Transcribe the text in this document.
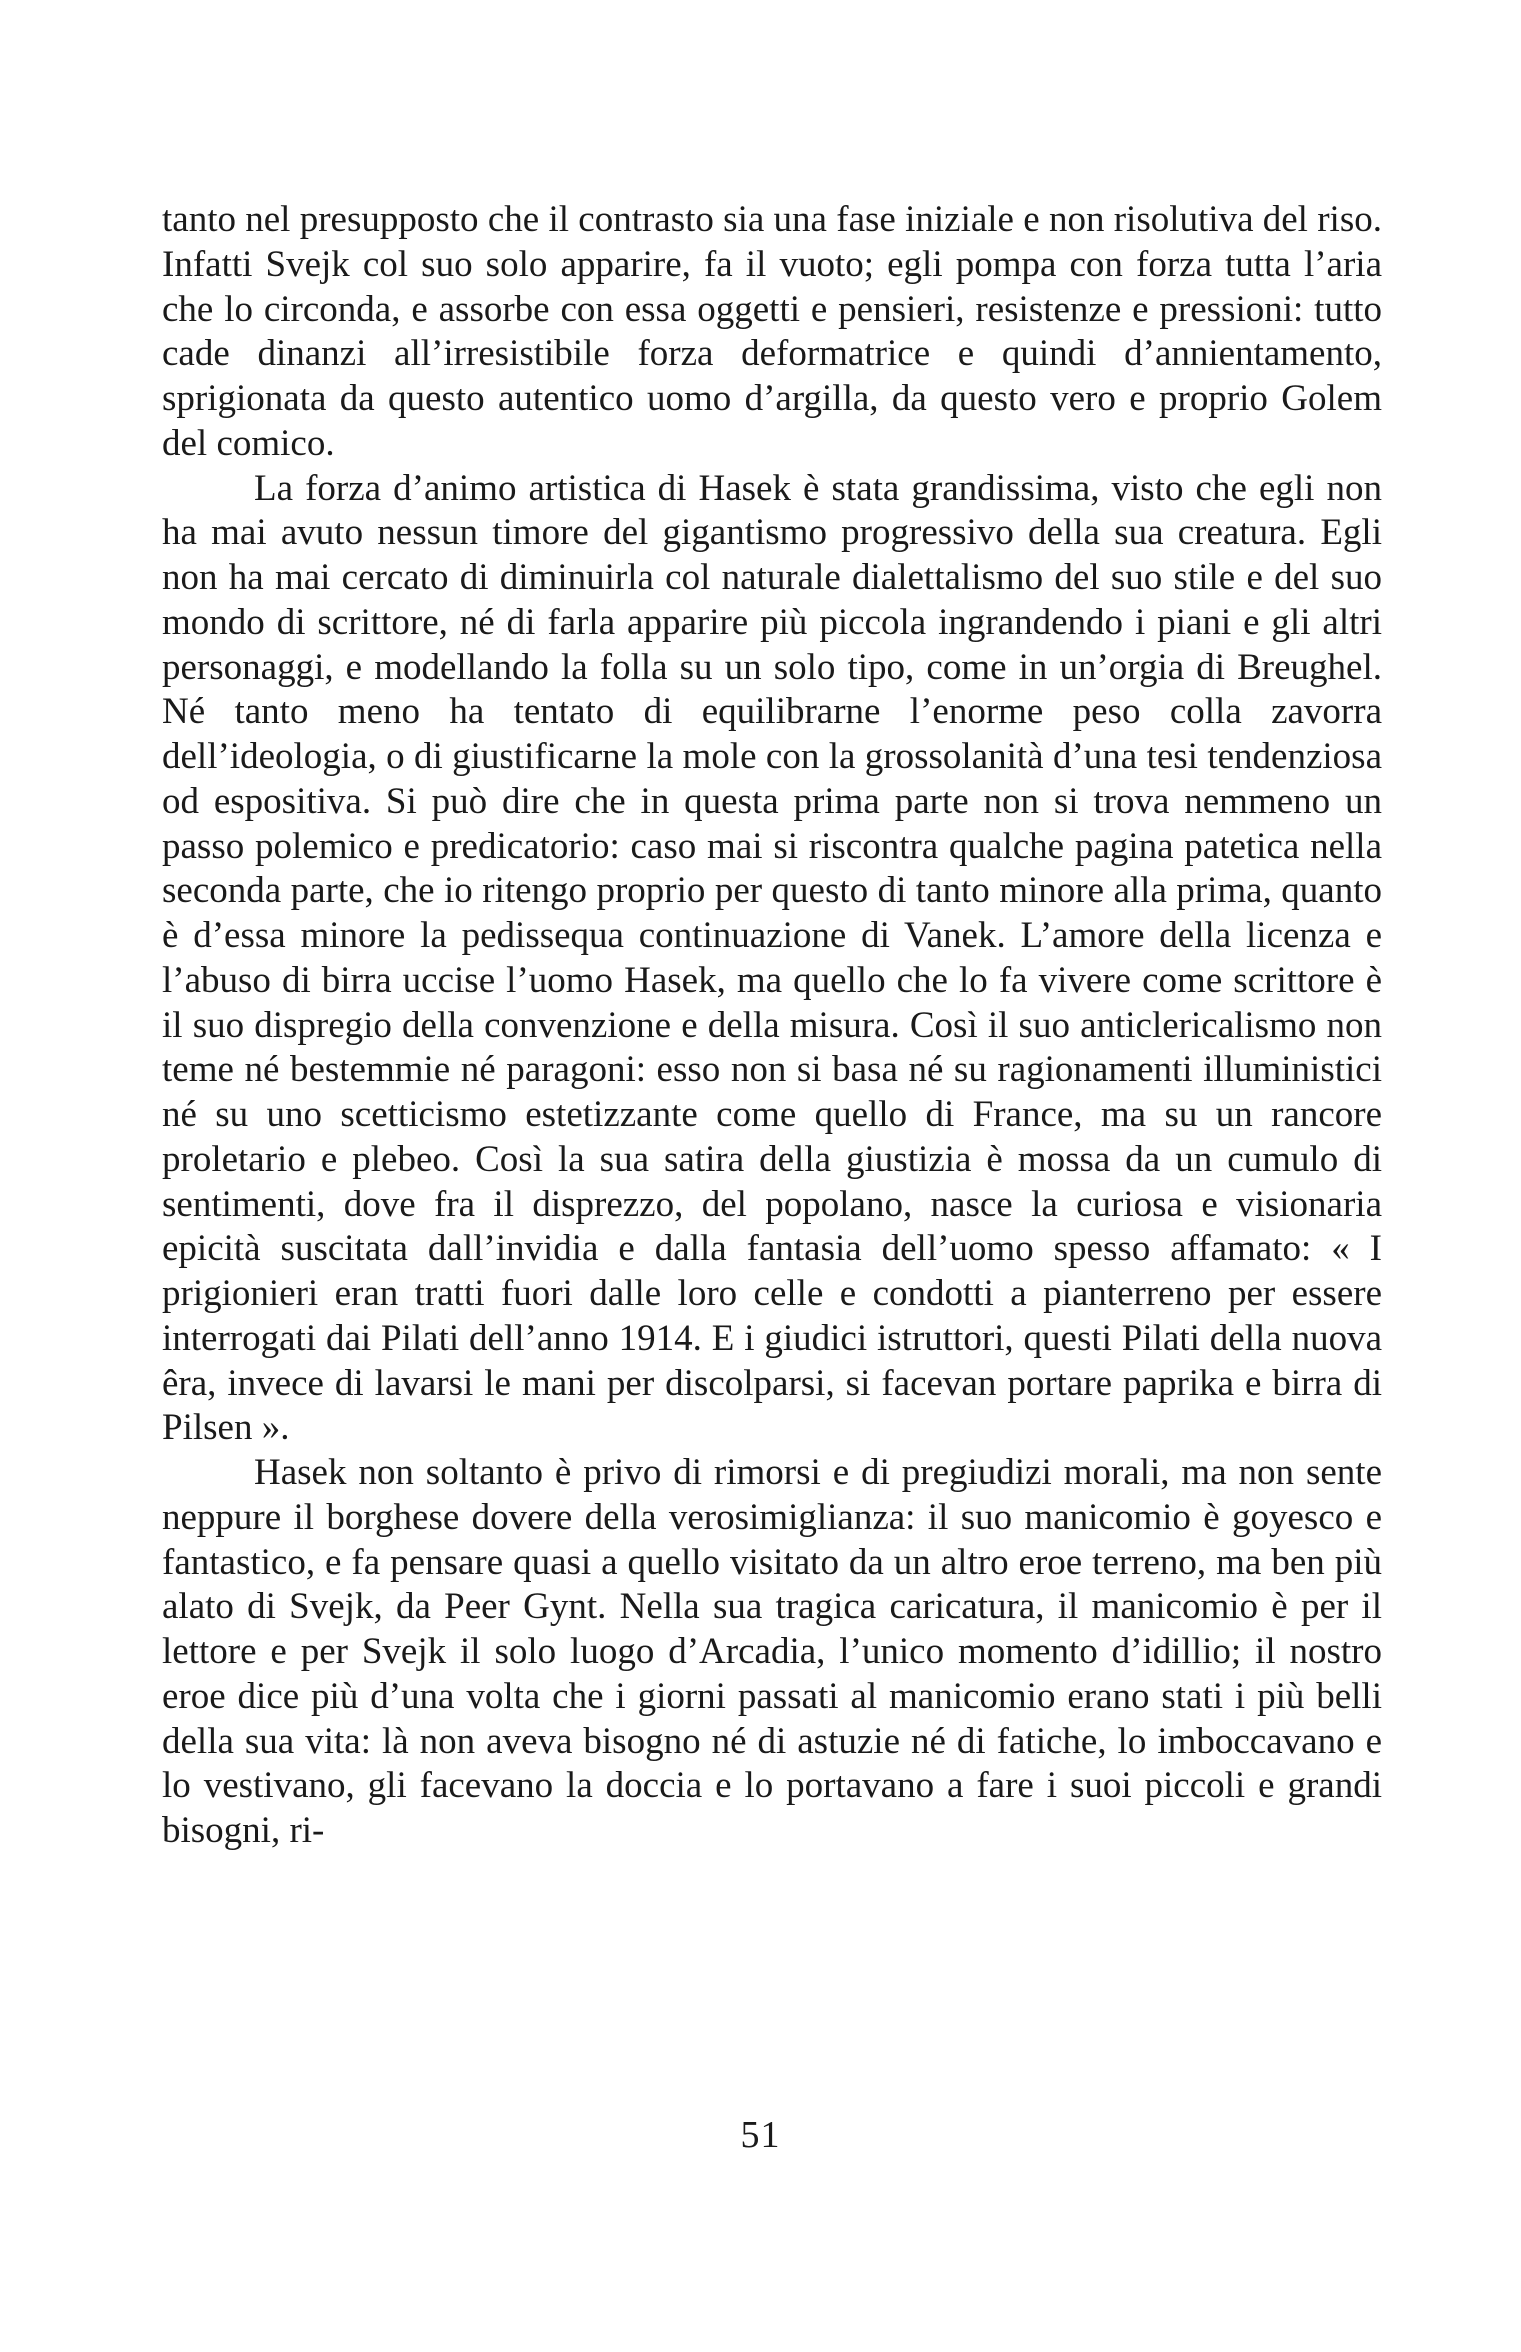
tanto nel presupposto che il contrasto sia una fase iniziale e non risolutiva del riso. Infatti Svejk col suo solo apparire, fa il vuoto; egli pompa con forza tutta l’aria che lo circonda, e assorbe con essa oggetti e pensieri, resistenze e pressioni: tutto cade dinanzi all’irresistibile forza deformatrice e quindi d’annientamento, sprigionata da questo autentico uomo d’argilla, da questo vero e proprio Golem del comico.

La forza d’animo artistica di Hasek è stata grandissima, visto che egli non ha mai avuto nessun timore del gigantismo progressivo della sua creatura. Egli non ha mai cercato di diminuirla col naturale dialettalismo del suo stile e del suo mondo di scrittore, né di farla apparire più piccola ingrandendo i piani e gli altri personaggi, e modellando la folla su un solo tipo, come in un’orgia di Breughel. Né tanto meno ha tentato di equilibrarne l’enorme peso colla zavorra dell’ideologia, o di giustificarne la mole con la grossolanità d’una tesi tendenziosa od espositiva. Si può dire che in questa prima parte non si trova nemmeno un passo polemico e predicatorio: caso mai si riscontra qualche pagina patetica nella seconda parte, che io ritengo proprio per questo di tanto minore alla prima, quanto è d’essa minore la pedissequa continuazione di Vanek. L’amore della licenza e l’abuso di birra uccise l’uomo Hasek, ma quello che lo fa vivere come scrittore è il suo dispregio della convenzione e della misura. Così il suo anticlericalismo non teme né bestemmie né paragoni: esso non si basa né su ragionamenti illuministici né su uno scetticismo estetizzante come quello di France, ma su un rancore proletario e plebeo. Così la sua satira della giustizia è mossa da un cumulo di sentimenti, dove fra il disprezzo, del popolano, nasce la curiosa e visionaria epicità suscitata dall’invidia e dalla fantasia dell’uomo spesso affamato: « I prigionieri eran tratti fuori dalle loro celle e condotti a pianterreno per essere interrogati dai Pilati dell’anno 1914. E i giudici istruttori, questi Pilati della nuova êra, invece di lavarsi le mani per discolparsi, si facevan portare paprika e birra di Pilsen ».

Hasek non soltanto è privo di rimorsi e di pregiudizi morali, ma non sente neppure il borghese dovere della verosimiglianza: il suo manicomio è goyesco e fantastico, e fa pensare quasi a quello visitato da un altro eroe terreno, ma ben più alato di Svejk, da Peer Gynt. Nella sua tragica caricatura, il manicomio è per il lettore e per Svejk il solo luogo d’Arcadia, l’unico momento d’idillio; il nostro eroe dice più d’una volta che i giorni passati al manicomio erano stati i più belli della sua vita: là non aveva bisogno né di astuzie né di fatiche, lo imboccavano e lo vestivano, gli facevano la doccia e lo portavano a fare i suoi piccoli e grandi bisogni, ri-

51
